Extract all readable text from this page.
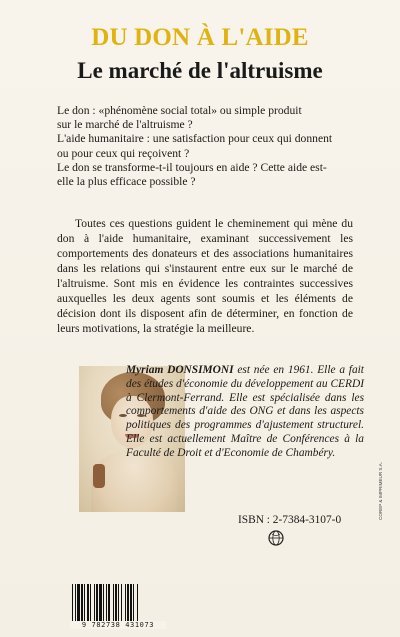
DU DON À L'AIDE
Le marché de l'altruisme

Le don : «phénomène social total» ou simple produit

sur le marché de l'altruisme ?

L'aide humanitaire : une satisfaction pour ceux qui donnent

ou pour ceux qui reçoivent ?

Le don se transforme-t-il toujours en aide ? Cette aide est-

elle la plus efficace possible ?

Toutes ces questions guident le cheminement qui mène du don à l'aide humanitaire, examinant successivement les comportements des donateurs et des associations humanitaires dans les relations qui s'instaurent entre eux sur le marché de l'altruisme. Sont mis en évidence les contraintes successives auxquelles les deux agents sont soumis et les éléments de décision dont ils disposent afin de déterminer, en fonction de leurs motivations, la stratégie la meilleure.

Myriam DONSIMONI est née en 1961. Elle a fait des études d'économie du développement au CERDI à Clermont-Ferrand. Elle est spécialisée dans les comportements d'aide des ONG et dans les aspects politiques des programmes d'ajustement structurel. Elle est actuellement Maître de Conférences à la Faculté de Droit et d'Economie de Chambéry.

ISBN : 2-7384-3107-0
9 782738 431073
COREP & IMPRIMEUR S.A.
